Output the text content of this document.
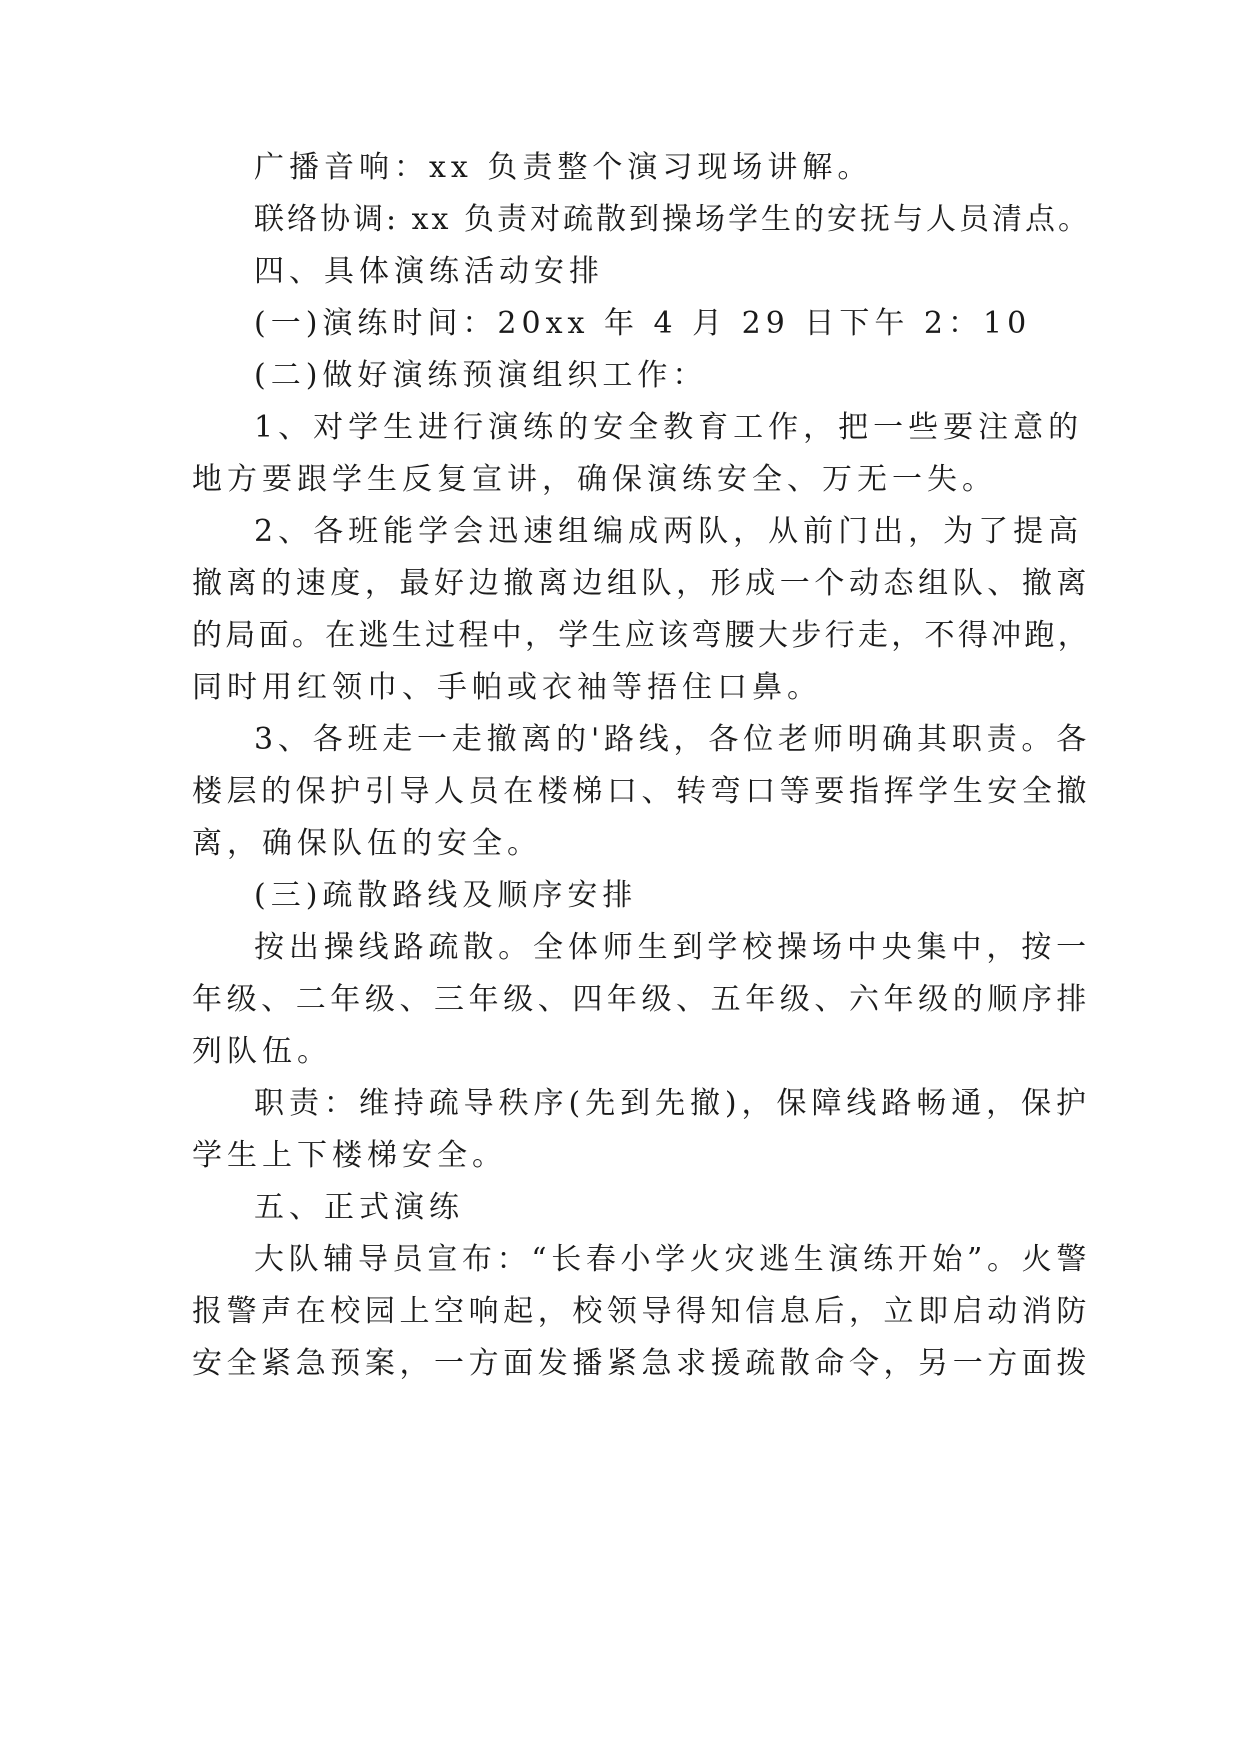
广播音响：xx 负责整个演习现场讲解。
联络协调: xx 负责对疏散到操场学生的安抚与人员清点。
四、具体演练活动安排
(一)演练时间：20xx 年 4 月 29 日下午 2：10
(二)做好演练预演组织工作：
1、对学生进行演练的安全教育工作，把一些要注意的
地方要跟学生反复宣讲，确保演练安全、万无一失。
2、各班能学会迅速组编成两队，从前门出，为了提高
撤离的速度，最好边撤离边组队，形成一个动态组队、撤离
的局面。在逃生过程中，学生应该弯腰大步行走，不得冲跑，
同时用红领巾、手帕或衣袖等捂住口鼻。
3、各班走一走撤离的'路线，各位老师明确其职责。各
楼层的保护引导人员在楼梯口、转弯口等要指挥学生安全撤
离，确保队伍的安全。
(三)疏散路线及顺序安排
按出操线路疏散。全体师生到学校操场中央集中，按一
年级、二年级、三年级、四年级、五年级、六年级的顺序排
列队伍。
职责：维持疏导秩序(先到先撤)，保障线路畅通，保护
学生上下楼梯安全。
五、正式演练
大队辅导员宣布：“长春小学火灾逃生演练开始”。火警
报警声在校园上空响起，校领导得知信息后，立即启动消防
安全紧急预案，一方面发播紧急求援疏散命令，另一方面拨
